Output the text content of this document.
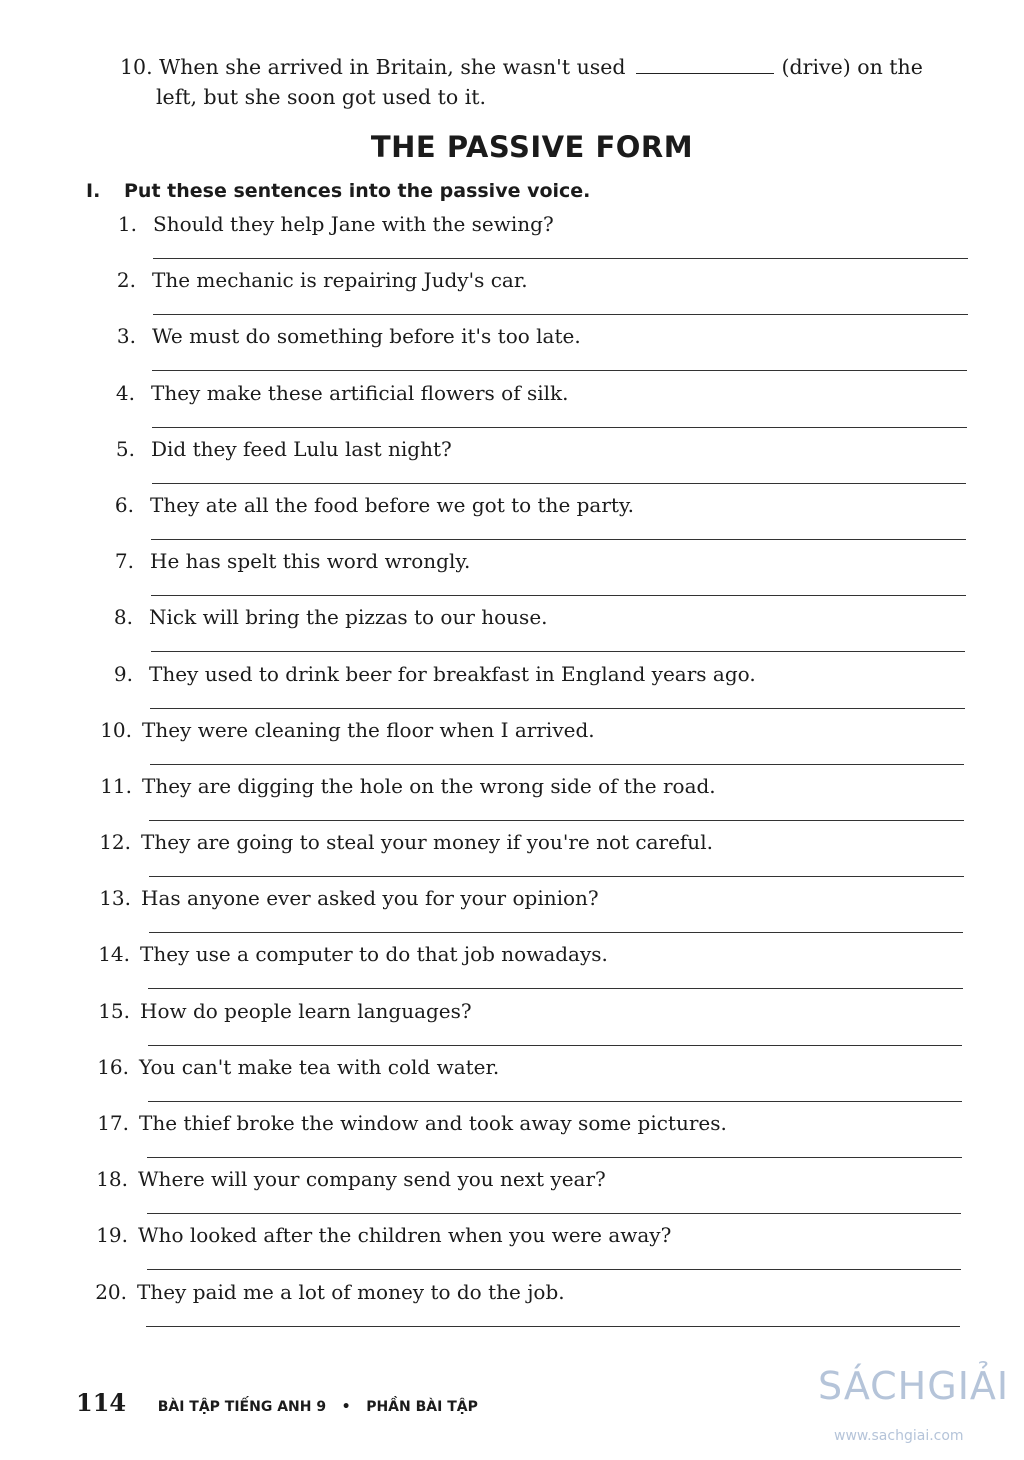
10. When she arrived in Britain, she wasn't used	(drive) on the
left, but she soon got used to it.
THE PASSIVE FORM
I. Put these sentences into the passive voice.
1. Should they help Jane with the sewing?
2. The mechanic is repairing Judy's car.
3. We must do something before it's too late.
4. They make these artificial flowers of silk.
5. Did they feed Lulu last night?
6. They ate all the food before we got to the party.
7. He has spelt this word wrongly.
8. Nick will bring the pizzas to our house.
9. They used to drink beer for breakfast in England years ago.
10. They were cleaning the floor when I arrived.
11. They are digging the hole on the wrong side of the road.
12. They are going to steal your money if you're not careful.
13. Has anyone ever asked you for your opinion?
14. They use a computer to do that job nowadays.
15. How do people learn languages?
16. You can't make tea with cold water.
17. The thief broke the window and took away some pictures.
18. Where will your company send you next year?
19. Who looked after the children when you were away?
20. They paid me a lot of money to do the job.
114 BÀI TẬP TIẾNG ANH 9 • PHẦN BÀI TẬP	SÁCHGIẢI
www.sachgiai.com
